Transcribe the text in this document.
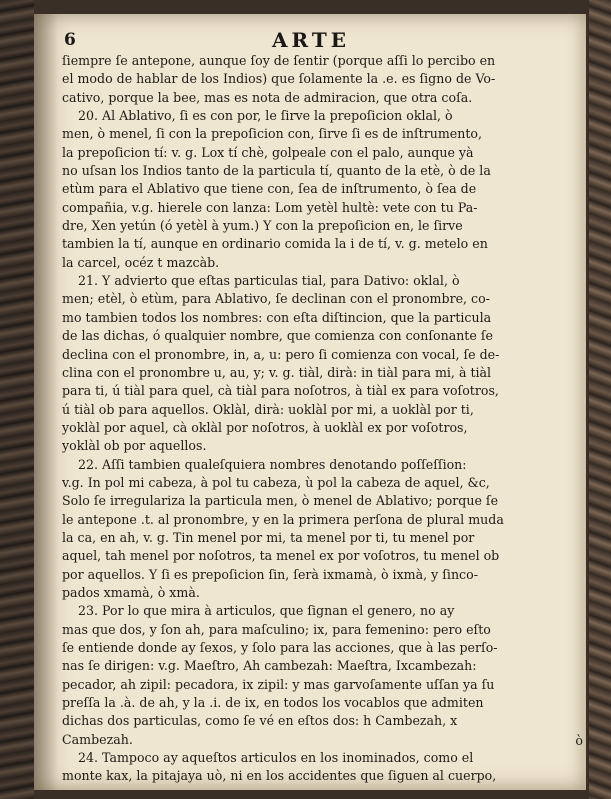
6	ARTE
ſiempre ſe antepone, aunque ſoy de ſentir (porque aſſi lo percibo en
el modo de hablar de los Indios) que ſolamente la .e. es ſigno de Vo-
cativo, porque la bee, mas es nota de admiracion, que otra coſa.
20. Al Ablativo, ſi es con por, le ſirve la prepoſicion oklal, ò
men, ò menel, ſi con la prepoſicion con, ſirve ſi es de inſtrumento,
la prepoſicion tí: v. g. Lox tí chè, golpeale con el palo, aunque yà
no uſsan los Indios tanto de la particula tí, quanto de la etè, ò de la
etùm para el Ablativo que tiene con, ſea de inſtrumento, ò ſea de
compañia, v.g. hierele con lanza: Lom yetèl hultè: vete con tu Pa-
dre, Xen yetún (ó yetèl à yum.) Y con la prepoſicion en, le ſirve
tambien la tí, aunque en ordinario comida la i de tí, v. g. metelo en
la carcel, océz t mazcàb.
21. Y advierto que eſtas particulas tial, para Dativo: oklal, ò
men; etèl, ò etùm, para Ablativo, ſe declinan con el pronombre, co-
mo tambien todos los nombres: con eſta diſtincion, que la particula
de las dichas, ó qualquier nombre, que comienza con conſonante ſe
declina con el pronombre, in, a, u: pero ſi comienza con vocal, ſe de-
clina con el pronombre u, au, y; v. g. tiàl, dirà: in tiàl para mi, à tiàl
para ti, ú tiàl para quel, cà tiàl para noſotros, à tiàl ex para voſotros,
ú tiàl ob para aquellos. Oklàl, dirà: uoklàl por mi, a uoklàl por ti,
yoklàl por aquel, cà oklàl por noſotros, à uoklàl ex por voſotros,
yoklàl ob por aquellos.
22. Aſſi tambien qualeſquiera nombres denotando poſſeſſion:
v.g. In pol mi cabeza, à pol tu cabeza, ù pol la cabeza de aquel, &c,
Solo ſe irregulariza la particula men, ò menel de Ablativo; porque ſe
le antepone .t. al pronombre, y en la primera perſona de plural muda
la ca, en ah, v. g. Tin menel por mi, ta menel por ti, tu menel por
aquel, tah menel por noſotros, ta menel ex por voſotros, tu menel ob
por aquellos. Y ſi es prepoſicion ſin, ſerà ixmamà, ò ixmà, y ſinco-
pados xmamà, ò xmà.
23. Por lo que mira à articulos, que ſignan el genero, no ay
mas que dos, y ſon ah, para maſculino; ix, para femenino: pero eſto
ſe entiende donde ay ſexos, y ſolo para las acciones, que à las perſo-
nas ſe dirigen: v.g. Maeſtro, Ah cambezah: Maeſtra, Ixcambezah:
pecador, ah zipil: pecadora, ix zipil: y mas garvoſamente uſſan ya ſu
preſſa la .à. de ah, y la .i. de ix, en todos los vocablos que admiten
dichas dos particulas, como ſe vé en eſtos dos: h Cambezah, x
Cambezah.
24. Tampoco ay aqueſtos articulos en los inominados, como el
monte kax, la pitajaya uò, ni en los accidentes que ſiguen al cuerpo,
ò
